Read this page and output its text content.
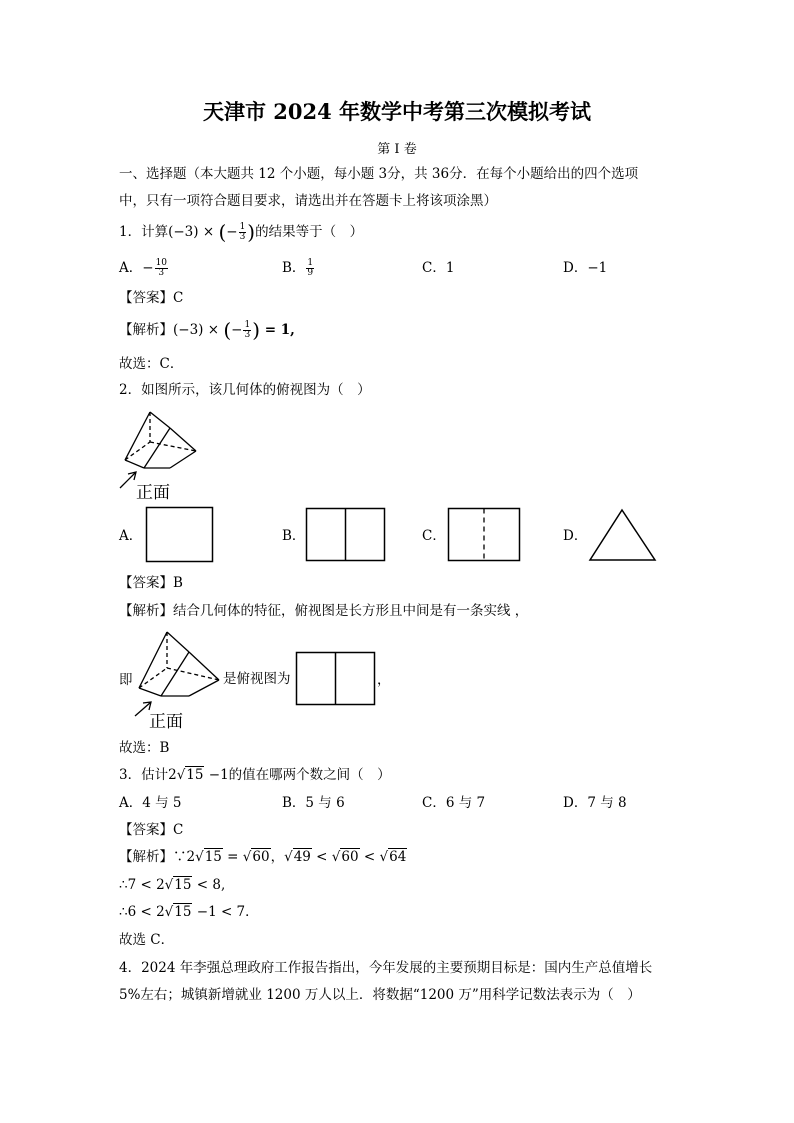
天津市 2024 年数学中考第三次模拟考试
第 I 卷
一、选择题（本大题共 12 个小题，每小题 3分，共 36分．在每个小题给出的四个选项
中，只有一项符合题目要求，请选出并在答题卡上将该项涂黑）
1．计算(−3) × (− $\frac{1}{3}$ )的结果等于（　）
A．− $\frac{10}{3}$	B． $\frac{1}{9}$	C．1	D．−1
【答案】C
【解析】(−3) × (− $\frac{1}{3}$ ) = 1,
故选：C．
2．如图所示，该几何体的俯视图为（　）
正面
A．	B．	C．	D．
【答案】B
【解析】结合几何体的特征，俯视图是长方形且中间是有一条实线 ，
即
正面
是俯视图为	，
故选：B
3．估计2√15 −1的值在哪两个数之间（　）
A．4 与 5	B．5 与 6	C．6 与 7	D．7 与 8
【答案】C
【解析】∵2√15 = √60，√49 < √60 < √64
∴7 < 2√15 < 8,
∴6 < 2√15 −1 < 7．
故选 C．
4．2024 年李强总理政府工作报告指出，今年发展的主要预期目标是：国内生产总值增长
5%左右；城镇新增就业 1200 万人以上．将数据“1200 万”用科学记数法表示为（　）
